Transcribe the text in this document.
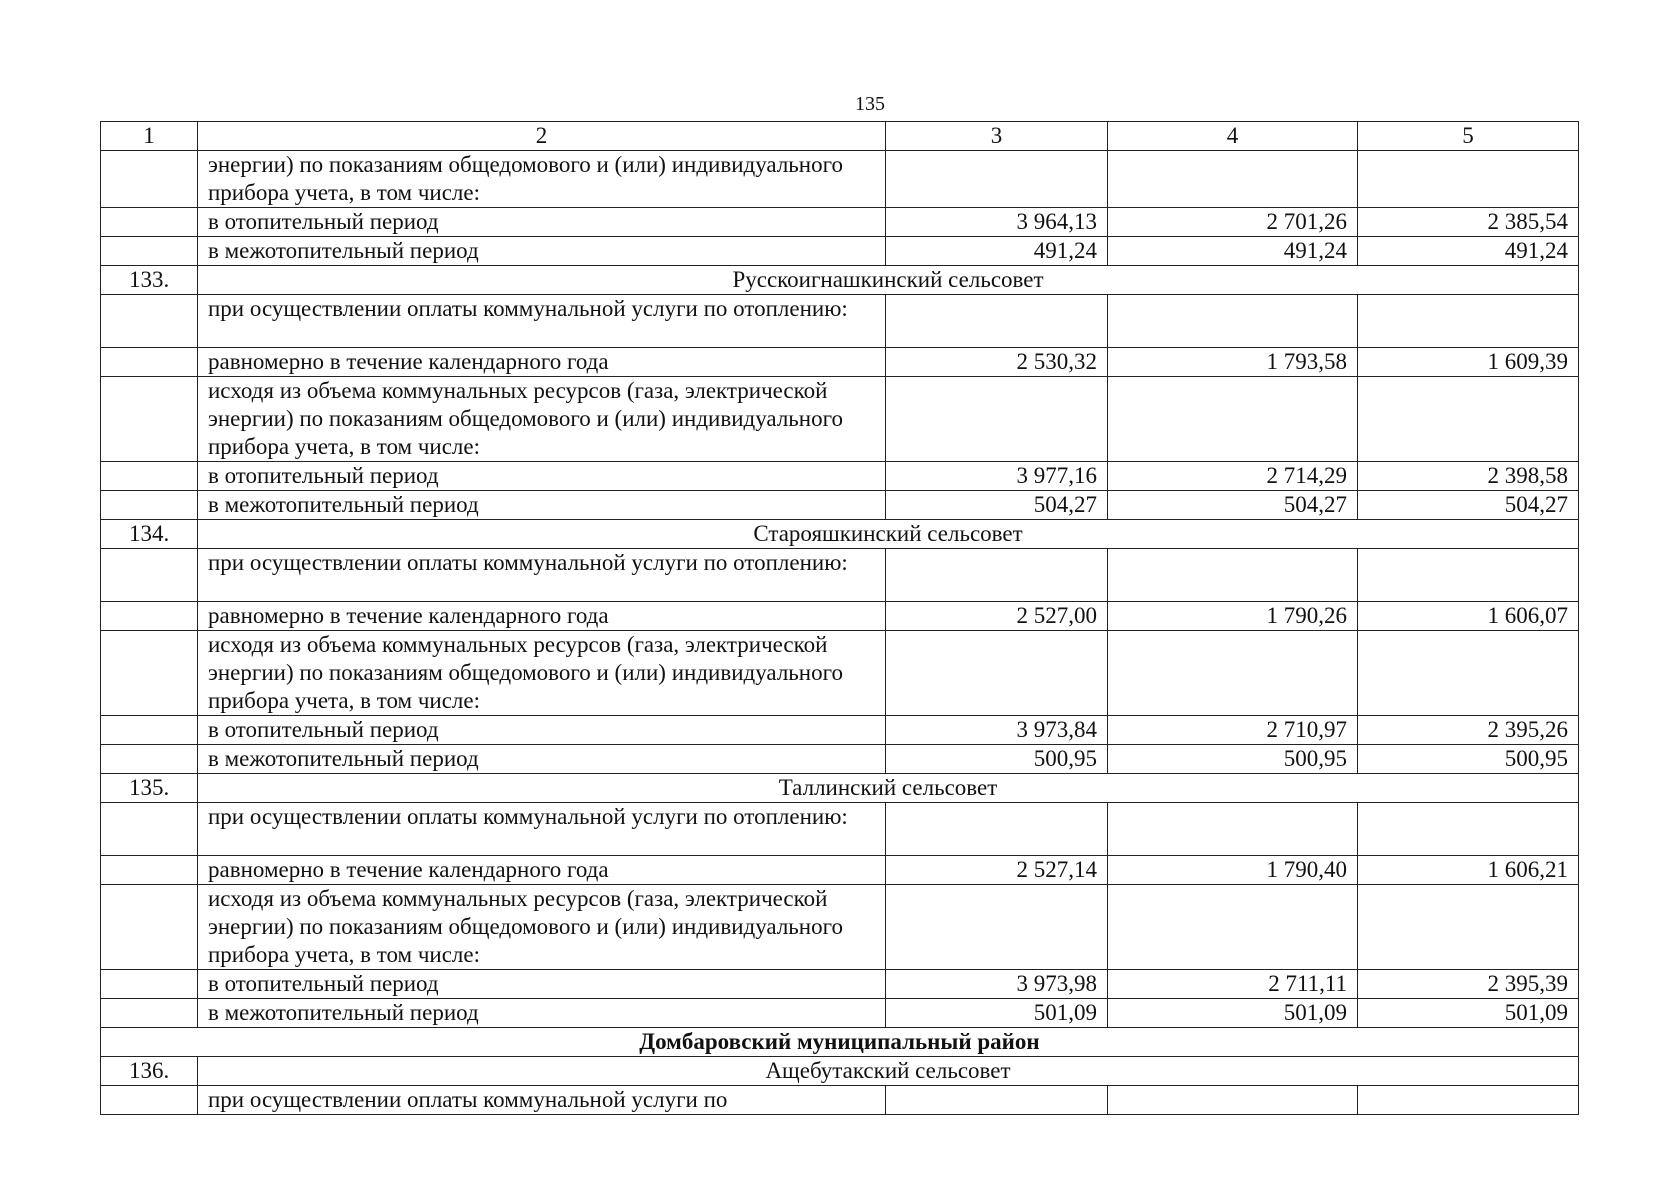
135
1	2	3	4	5
	энергии) по показаниям общедомового и (или) индивидуального прибора учета, в том числе:			
	в отопительный период	3 964,13	2 701,26	2 385,54
	в межотопительный период	491,24	491,24	491,24
133.	Русскоигнашкинский сельсовет			
	при осуществлении оплаты коммунальной услуги по отоплению:			
	равномерно в течение календарного года	2 530,32	1 793,58	1 609,39
	исходя из объема коммунальных ресурсов (газа, электрической энергии) по показаниям общедомового и (или) индивидуального прибора учета, в том числе:			
	в отопительный период	3 977,16	2 714,29	2 398,58
	в межотопительный период	504,27	504,27	504,27
134.	Старояшкинский сельсовет			
	при осуществлении оплаты коммунальной услуги по отоплению:			
	равномерно в течение календарного года	2 527,00	1 790,26	1 606,07
	исходя из объема коммунальных ресурсов (газа, электрической энергии) по показаниям общедомового и (или) индивидуального прибора учета, в том числе:			
	в отопительный период	3 973,84	2 710,97	2 395,26
	в межотопительный период	500,95	500,95	500,95
135.	Таллинский сельсовет			
	при осуществлении оплаты коммунальной услуги по отоплению:			
	равномерно в течение календарного года	2 527,14	1 790,40	1 606,21
	исходя из объема коммунальных ресурсов (газа, электрической энергии) по показаниям общедомового и (или) индивидуального прибора учета, в том числе:			
	в отопительный период	3 973,98	2 711,11	2 395,39
	в межотопительный период	501,09	501,09	501,09
Домбаровский муниципальный район				
136.	Ащебутакский сельсовет			
	при осуществлении оплаты коммунальной услуги по			
